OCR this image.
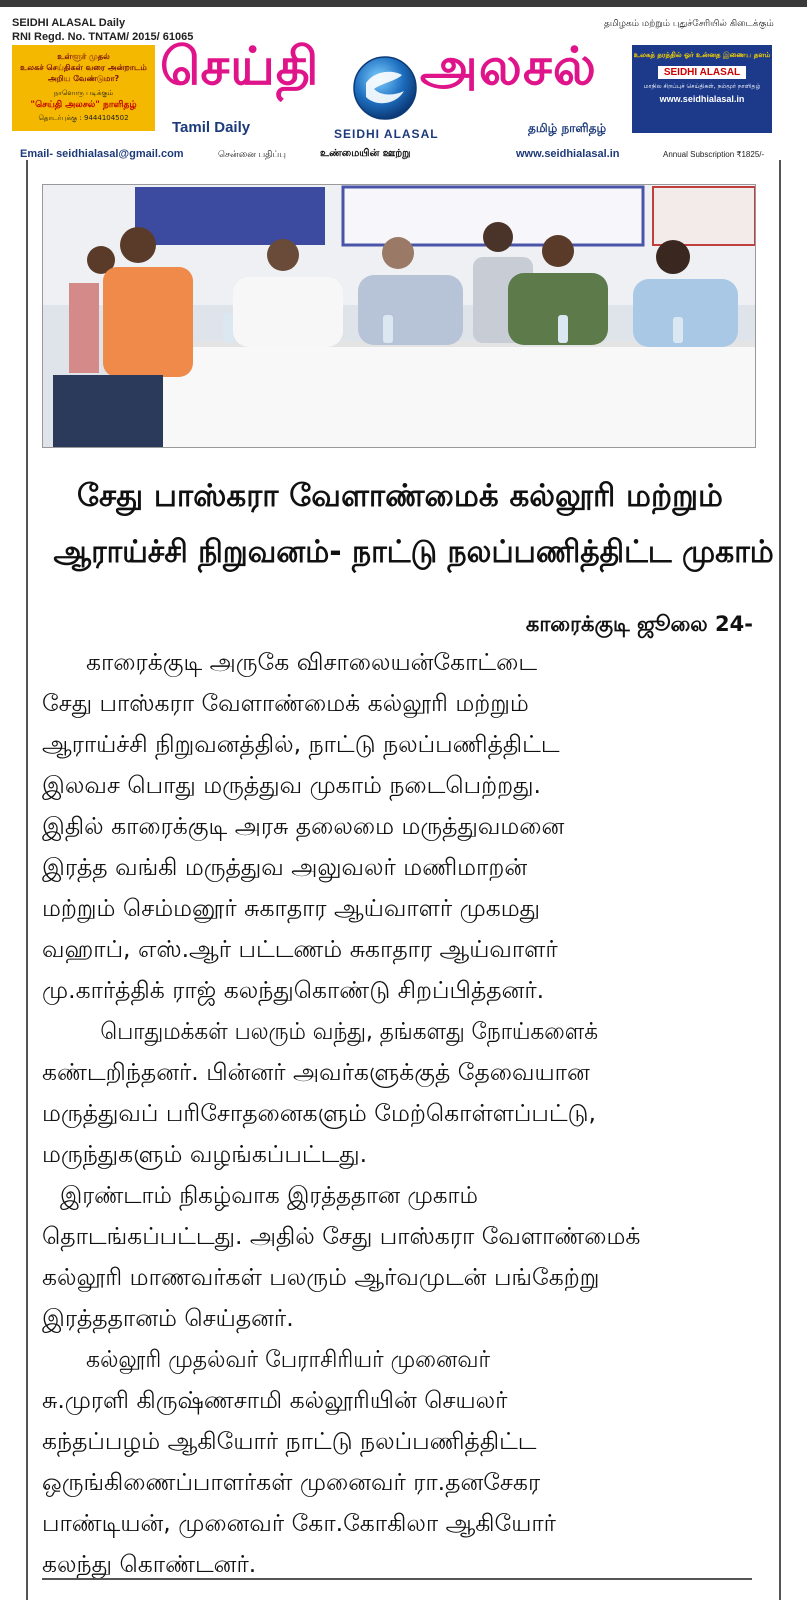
SEIDHI ALASAL Daily
RNI Regd. No. TNTAM/ 2015/ 61065
தமிழகம் மற்றும் புதுச்சேரியில் கிடைக்கும்
உள்ளூர் முதல்
உலகச் செய்திகள் வரை அன்றாடம் அறிய வேண்டுமா?
நாளொரு படிக்கும்
"செய்தி அலசல்" நாளிதழ்
தொடர்புக்கு : 9444104502
செய்தி அலசல்
Tamil Daily	SEIDHI ALASAL	தமிழ் நாளிதழ்
உலகத் தரத்தில் ஓர் உன்னத இணைய தளம்
SEIDHI ALASAL
மாநில சிறப்புச் செய்திகள், நம்மூர் நாளிதழ்
www.seidhialasal.in
Email- seidhialasal@gmail.com	சென்னை பதிப்பு	உண்மையின் ஊற்று	www.seidhialasal.in	Annual Subscription ₹1825/-
சேது பாஸ்கரா வேளாண்மைக் கல்லூரி மற்றும்
ஆராய்ச்சி நிறுவனம்- நாட்டு நலப்பணித்திட்ட முகாம்
காரைக்குடி ஜூலை 24-
காரைக்குடி அருகே விசாலையன்கோட்டை
சேது பாஸ்கரா வேளாண்மைக் கல்லூரி மற்றும்
ஆராய்ச்சி நிறுவனத்தில், நாட்டு நலப்பணித்திட்ட
இலவச பொது மருத்துவ முகாம் நடைபெற்றது.
இதில் காரைக்குடி அரசு தலைமை மருத்துவமனை
இரத்த வங்கி மருத்துவ அலுவலர் மணிமாறன்
மற்றும் செம்மனூர் சுகாதார ஆய்வாளர் முகமது
வஹாப், எஸ்.ஆர் பட்டணம் சுகாதார ஆய்வாளர்
மு.கார்த்திக் ராஜ் கலந்துகொண்டு சிறப்பித்தனர்.
பொதுமக்கள் பலரும் வந்து, தங்களது நோய்களைக்
கண்டறிந்தனர். பின்னர் அவர்களுக்குத் தேவையான
மருத்துவப் பரிசோதனைகளும் மேற்கொள்ளப்பட்டு,
மருந்துகளும் வழங்கப்பட்டது.
இரண்டாம் நிகழ்வாக இரத்ததான முகாம்
தொடங்கப்பட்டது. அதில் சேது பாஸ்கரா வேளாண்மைக்
கல்லூரி மாணவர்கள் பலரும் ஆர்வமுடன் பங்கேற்று
இரத்ததானம் செய்தனர்.
கல்லூரி முதல்வர் பேராசிரியர் முனைவர்
சு.முரளி கிருஷ்ணசாமி கல்லூரியின் செயலர்
கந்தப்பழம் ஆகியோர் நாட்டு நலப்பணித்திட்ட
ஒருங்கிணைப்பாளர்கள் முனைவர் ரா.தனசேகர
பாண்டியன், முனைவர் கோ.கோகிலா ஆகியோர்
கலந்து கொண்டனர்.
